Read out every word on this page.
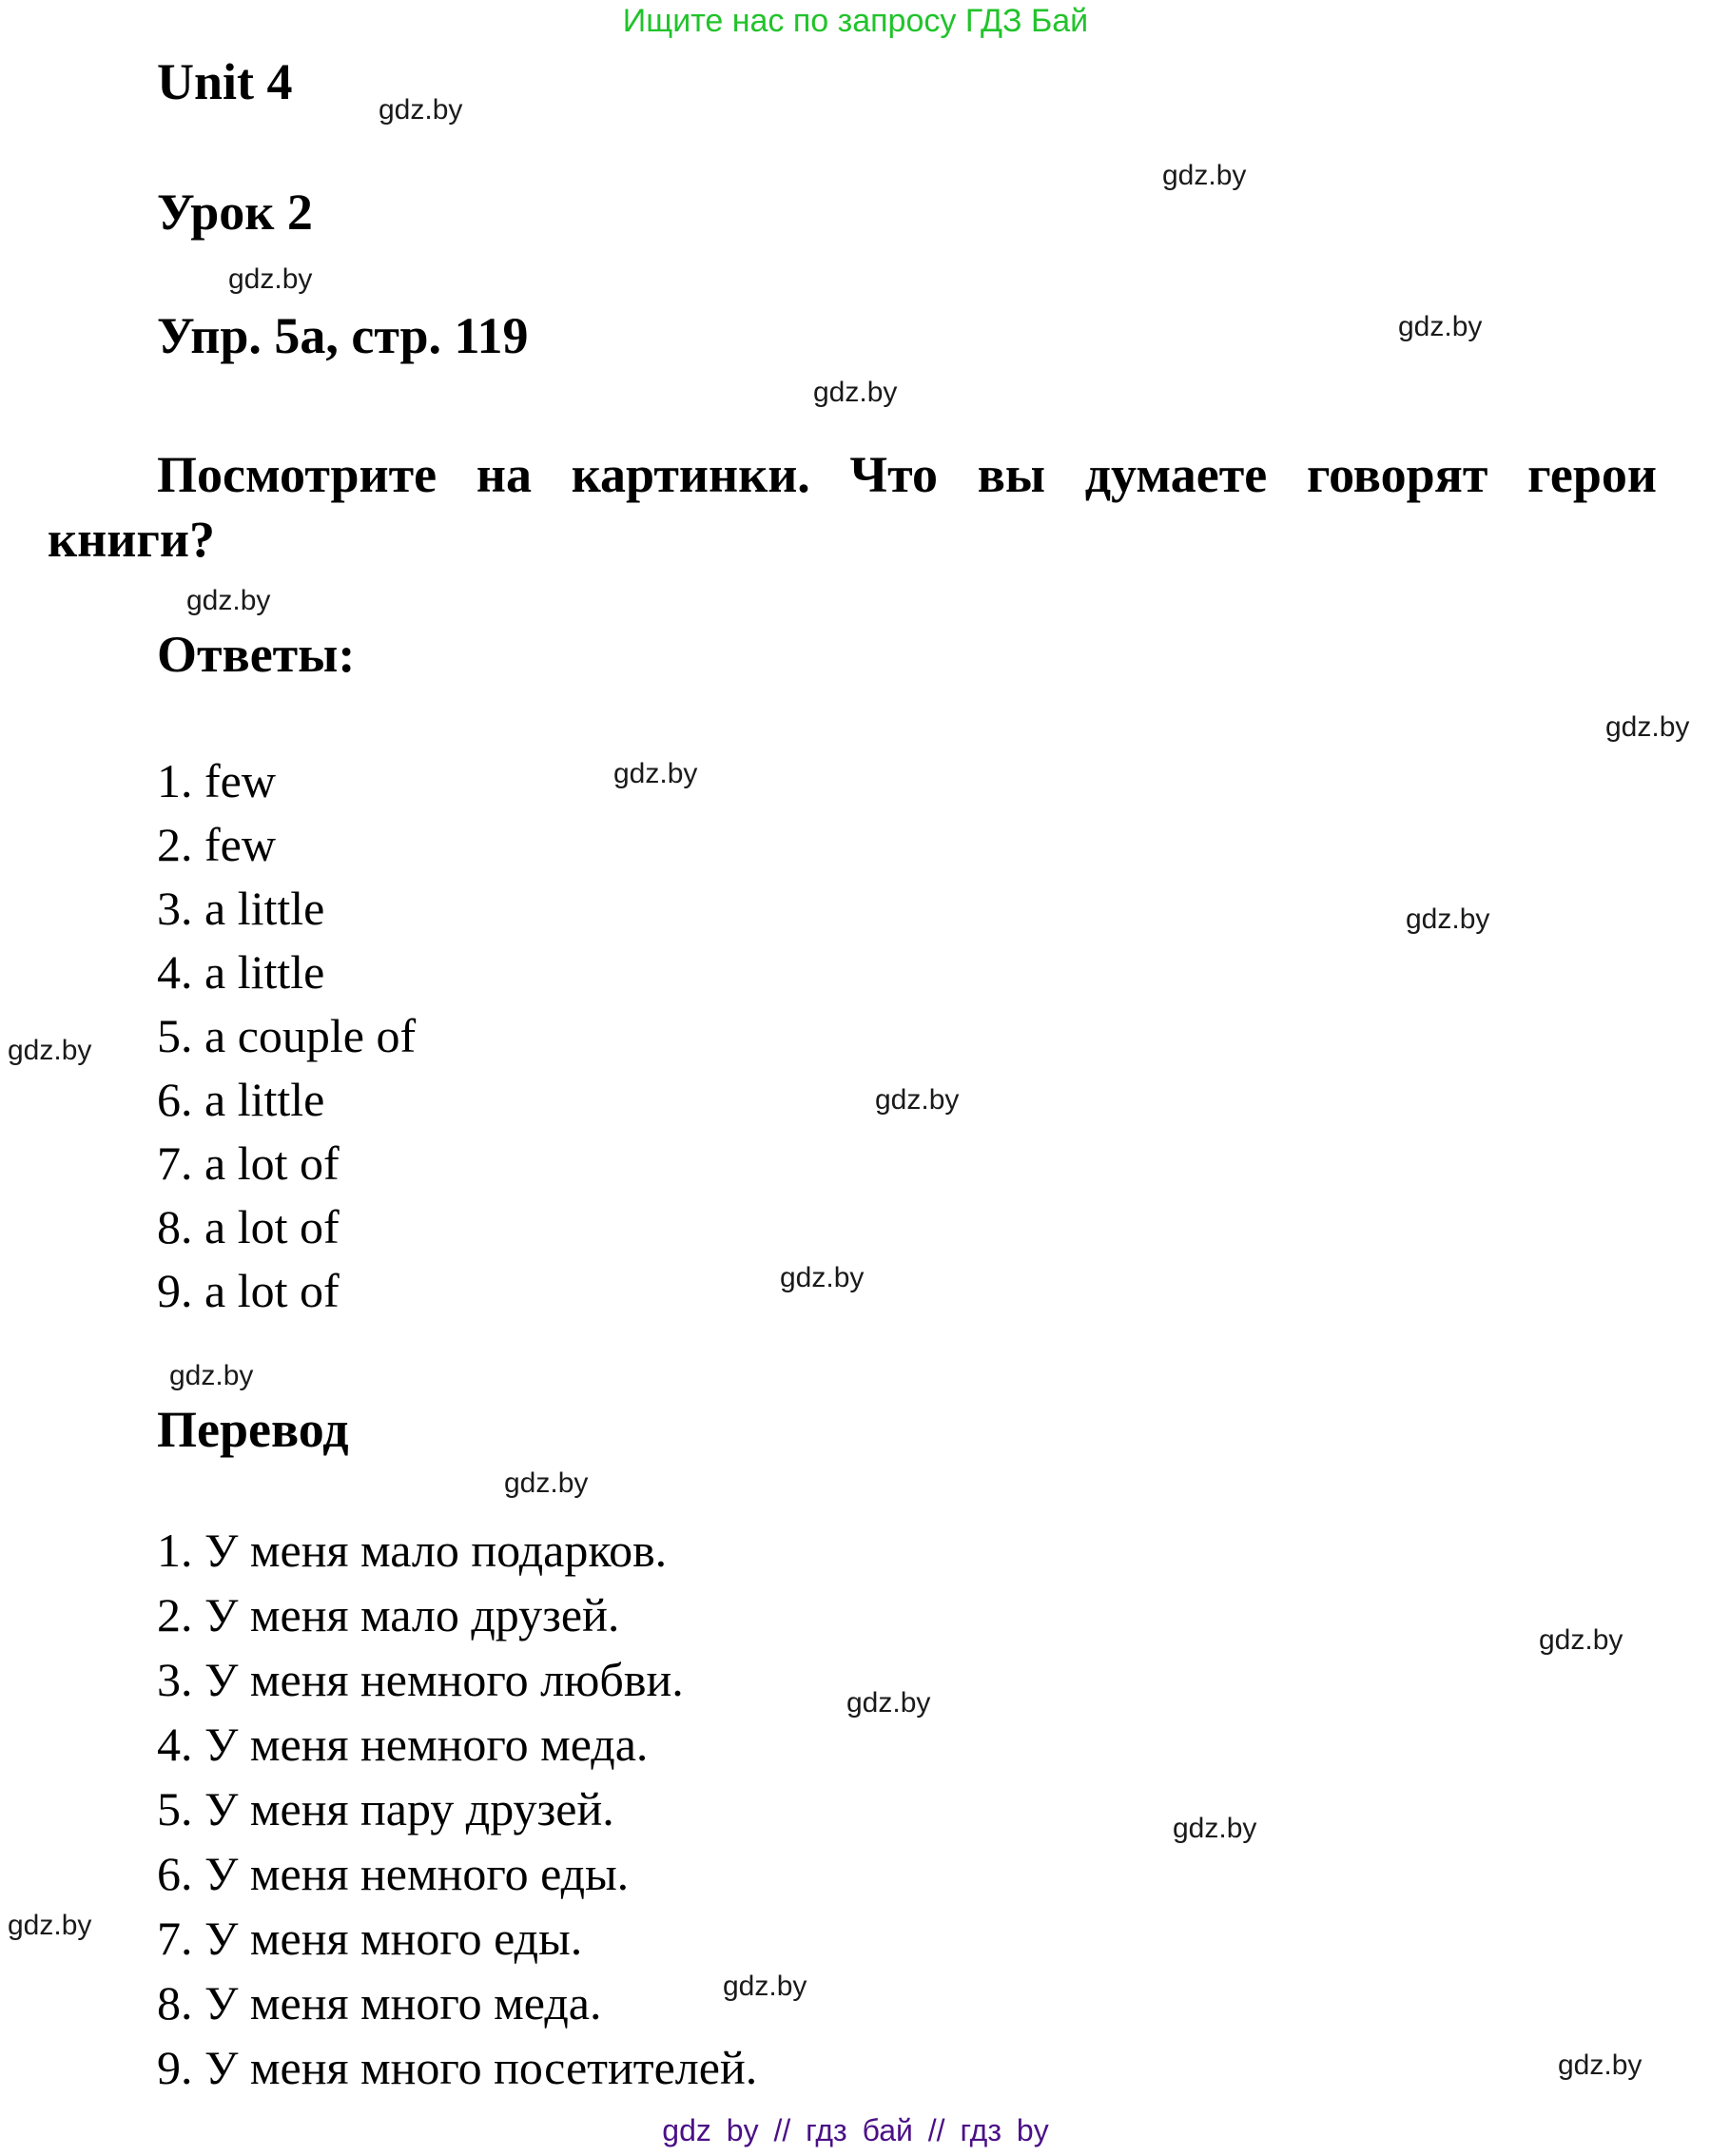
Ищите нас по запросу ГДЗ Бай
gdz.by
gdz.by
gdz.by
gdz.by
gdz.by
gdz.by
gdz.by
gdz.by
gdz.by
gdz.by
gdz.by
gdz.by
gdz.by
gdz.by
gdz.by
gdz.by
gdz.by
gdz.by
gdz.by
gdz.by
Unit 4
Урок 2
Упр. 5а, стр. 119
Посмотрите на картинки. Что вы думаете говорят герои
книги?
Ответы:
1. few
2. few
3. a little
4. a little
5. a couple of
6. a little
7. a lot of
8. a lot of
9. a lot of
Перевод
1. У меня мало подарков.
2. У меня мало друзей.
3. У меня немного любви.
4. У меня немного меда.
5. У меня пару друзей.
6. У меня немного еды.
7. У меня много еды.
8. У меня много меда.
9. У меня много посетителей.
gdz by // гдз бай // гдз by
